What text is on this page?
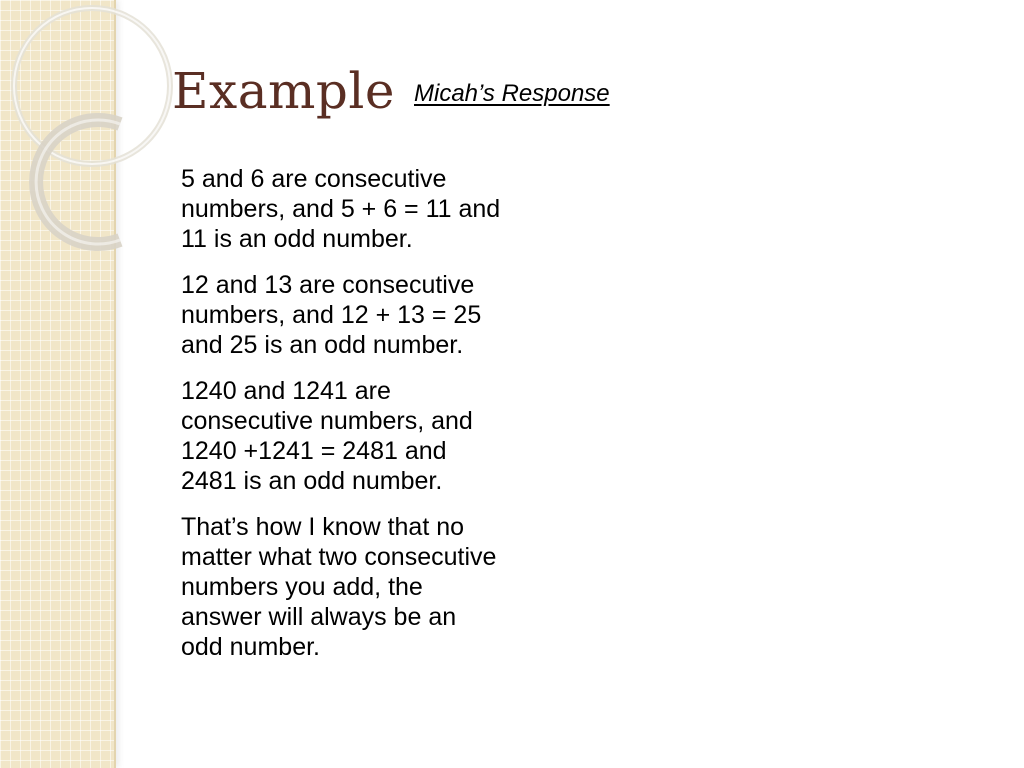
Example Micah’s Response

5 and 6 are consecutive
numbers, and 5 + 6 = 11 and
11 is an odd number.

12 and 13 are consecutive
numbers, and 12 + 13 = 25
and 25 is an odd number.

1240 and 1241 are
consecutive numbers, and
1240 +1241 = 2481 and
2481 is an odd number.

That’s how I know that no
matter what two consecutive
numbers you add, the
answer will always be an
odd number.
